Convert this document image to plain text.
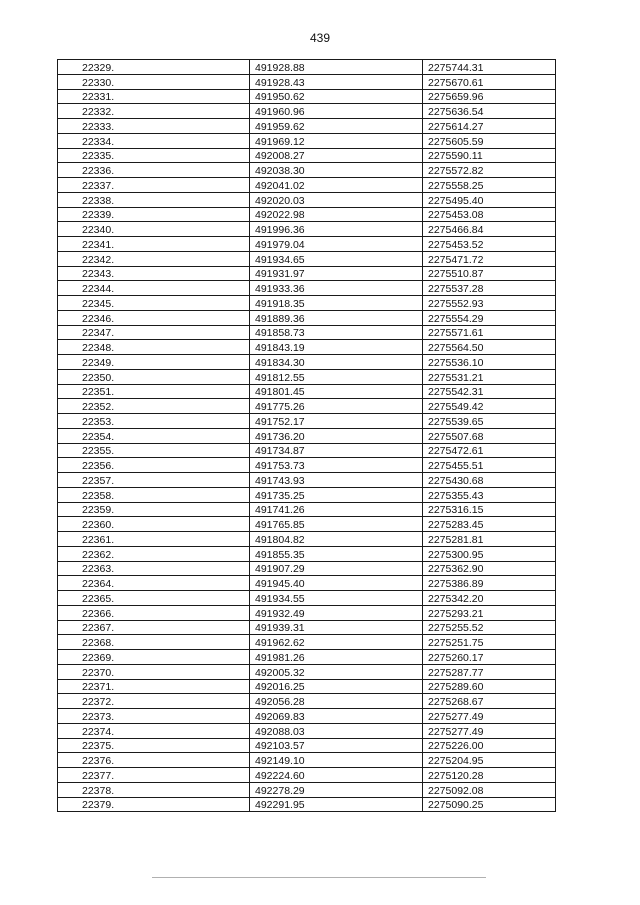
439
22329.	491928.88	2275744.31
22330.	491928.43	2275670.61
22331.	491950.62	2275659.96
22332.	491960.96	2275636.54
22333.	491959.62	2275614.27
22334.	491969.12	2275605.59
22335.	492008.27	2275590.11
22336.	492038.30	2275572.82
22337.	492041.02	2275558.25
22338.	492020.03	2275495.40
22339.	492022.98	2275453.08
22340.	491996.36	2275466.84
22341.	491979.04	2275453.52
22342.	491934.65	2275471.72
22343.	491931.97	2275510.87
22344.	491933.36	2275537.28
22345.	491918.35	2275552.93
22346.	491889.36	2275554.29
22347.	491858.73	2275571.61
22348.	491843.19	2275564.50
22349.	491834.30	2275536.10
22350.	491812.55	2275531.21
22351.	491801.45	2275542.31
22352.	491775.26	2275549.42
22353.	491752.17	2275539.65
22354.	491736.20	2275507.68
22355.	491734.87	2275472.61
22356.	491753.73	2275455.51
22357.	491743.93	2275430.68
22358.	491735.25	2275355.43
22359.	491741.26	2275316.15
22360.	491765.85	2275283.45
22361.	491804.82	2275281.81
22362.	491855.35	2275300.95
22363.	491907.29	2275362.90
22364.	491945.40	2275386.89
22365.	491934.55	2275342.20
22366.	491932.49	2275293.21
22367.	491939.31	2275255.52
22368.	491962.62	2275251.75
22369.	491981.26	2275260.17
22370.	492005.32	2275287.77
22371.	492016.25	2275289.60
22372.	492056.28	2275268.67
22373.	492069.83	2275277.49
22374.	492088.03	2275277.49
22375.	492103.57	2275226.00
22376.	492149.10	2275204.95
22377.	492224.60	2275120.28
22378.	492278.29	2275092.08
22379.	492291.95	2275090.25
